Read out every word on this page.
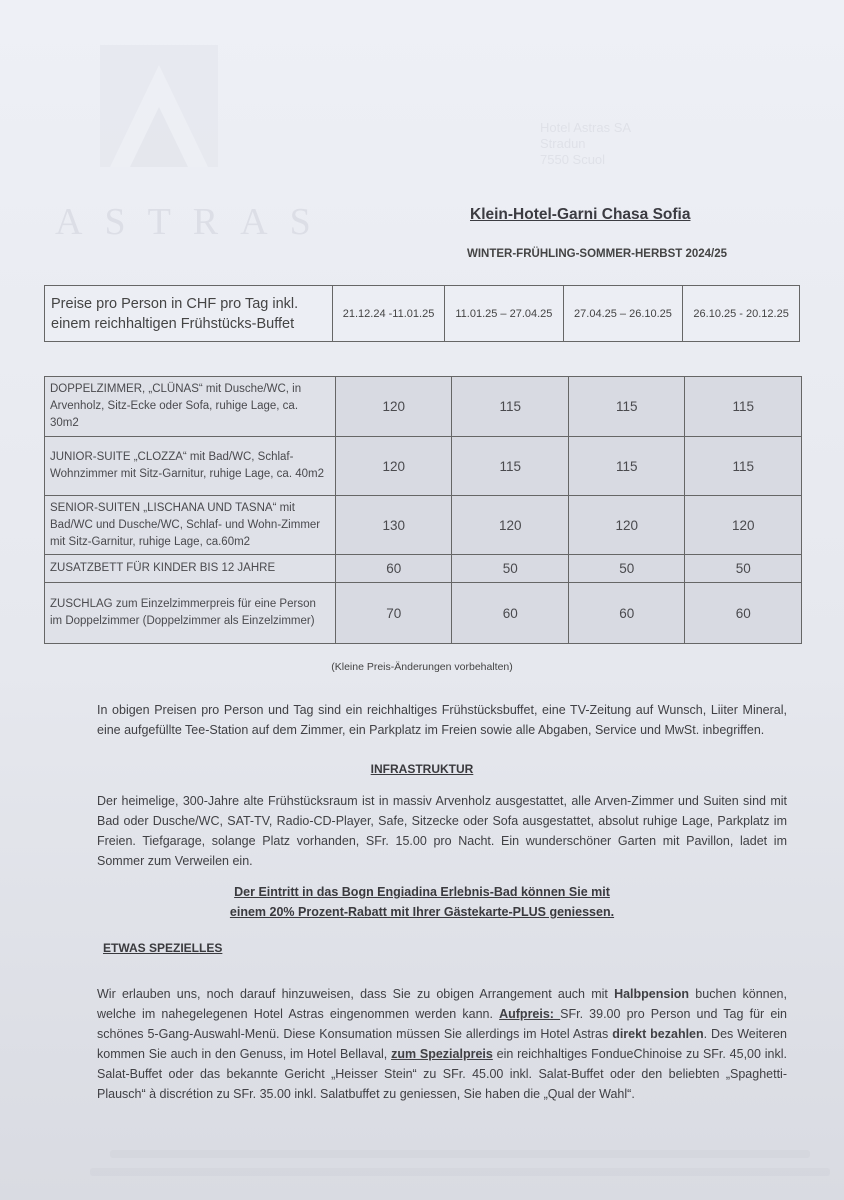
ASTRAS
Hotel Astras SA
Stradun
7550 Scuol
Klein-Hotel-Garni Chasa Sofia
WINTER-FRÜHLING-SOMMER-HERBST 2024/25
Preise pro Person in CHF pro Tag inkl. einem reichhaltigen Frühstücks-Buffet	21.12.24 -11.01.25	11.01.25 – 27.04.25	27.04.25 – 26.10.25	26.10.25 - 20.12.25
DOPPELZIMMER, „CLÜNAS“ mit Dusche/WC, in Arvenholz, Sitz-Ecke oder Sofa, ruhige Lage, ca. 30m2	120	115	115	115
JUNIOR-SUITE „CLOZZA“ mit Bad/WC, Schlaf-Wohnzimmer mit Sitz-Garnitur, ruhige Lage, ca. 40m2	120	115	115	115
SENIOR-SUITEN „LISCHANA UND TASNA“ mit Bad/WC und Dusche/WC, Schlaf- und Wohn-Zimmer mit Sitz-Garnitur, ruhige Lage, ca.60m2	130	120	120	120
ZUSATZBETT FÜR KINDER BIS 12 JAHRE	60	50	50	50
ZUSCHLAG zum Einzelzimmerpreis für eine Person im Doppelzimmer (Doppelzimmer als Einzelzimmer)	70	60	60	60
(Kleine Preis-Änderungen vorbehalten)
In obigen Preisen pro Person und Tag sind ein reichhaltiges Frühstücksbuffet, eine TV-Zeitung auf Wunsch, Liiter Mineral, eine aufgefüllte Tee-Station auf dem Zimmer, ein Parkplatz im Freien sowie alle Abgaben, Service und MwSt. inbegriffen.
INFRASTRUKTUR
Der heimelige, 300-Jahre alte Frühstücksraum ist in massiv Arvenholz ausgestattet, alle Arven-Zimmer und Suiten sind mit Bad oder Dusche/WC, SAT-TV, Radio-CD-Player, Safe, Sitzecke oder Sofa ausgestattet, absolut ruhige Lage, Parkplatz im Freien. Tiefgarage, solange Platz vorhanden, SFr. 15.00 pro Nacht. Ein wunderschöner Garten mit Pavillon, ladet im Sommer zum Verweilen ein.
Der Eintritt in das Bogn Engiadina Erlebnis-Bad können Sie mit
einem 20% Prozent-Rabatt mit Ihrer Gästekarte-PLUS geniessen.
ETWAS SPEZIELLES
Wir erlauben uns, noch darauf hinzuweisen, dass Sie zu obigen Arrangement auch mit Halbpension buchen können, welche im nahegelegenen Hotel Astras eingenommen werden kann. Aufpreis: SFr. 39.00 pro Person und Tag für ein schönes 5-Gang-Auswahl-Menü. Diese Konsumation müssen Sie allerdings im Hotel Astras direkt bezahlen. Des Weiteren kommen Sie auch in den Genuss, im Hotel Bellaval, zum Spezialpreis ein reichhaltiges FondueChinoise zu SFr. 45,00 inkl. Salat-Buffet oder das bekannte Gericht „Heisser Stein“ zu SFr. 45.00 inkl. Salat-Buffet oder den beliebten „Spaghetti-Plausch“ à discrétion zu SFr. 35.00 inkl. Salatbuffet zu geniessen, Sie haben die „Qual der Wahl“.
